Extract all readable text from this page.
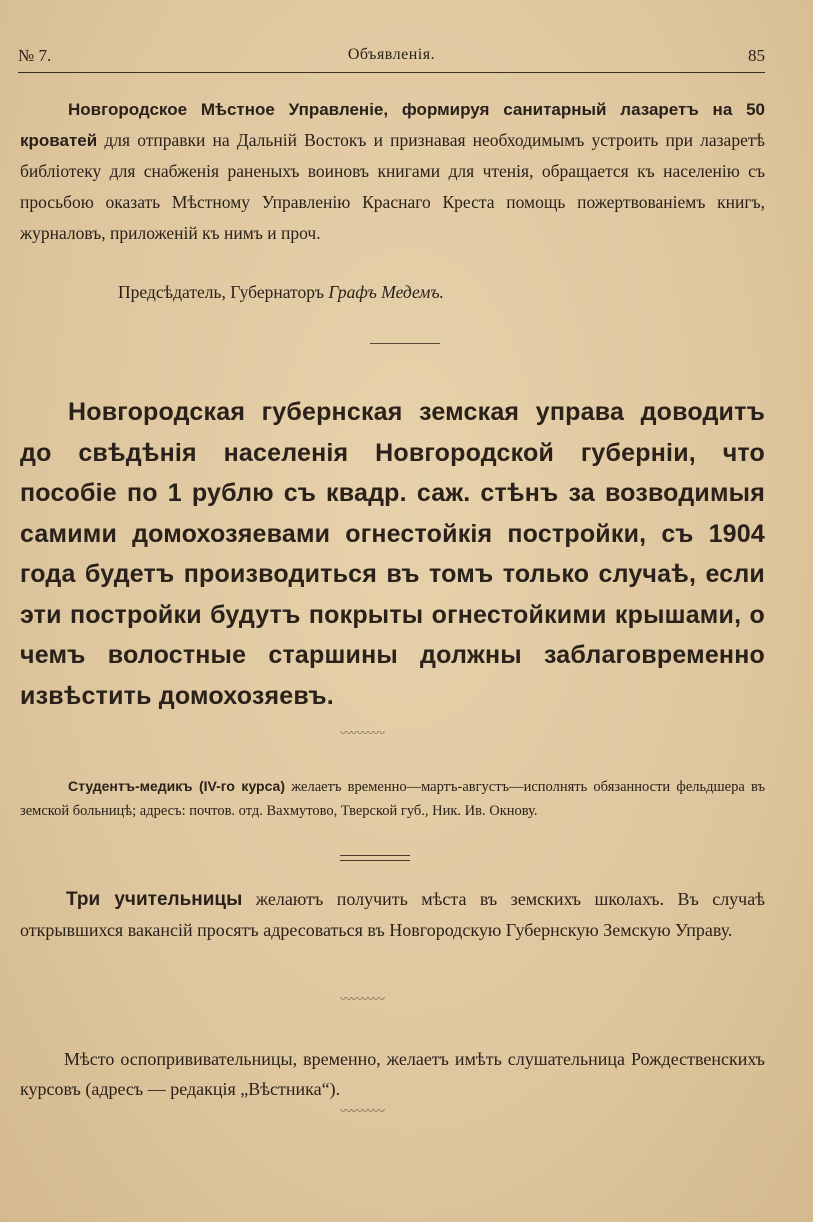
№ 7.	Объявленія.	85
Новгородское Мѣстное Управленіе, формируя санитарный лазаретъ на 50 кроватей для отправки на Дальній Востокъ и признавая необходимымъ устроить при лазаретѣ библіотеку для снабженія раненыхъ воиновъ книгами для чтенія, обращается къ населенію съ просьбою оказать Мѣстному Управленію Краснаго Креста помощь пожертвованіемъ книгъ, журналовъ, приложеній къ нимъ и проч.
Предсѣдатель, Губернаторъ Графъ Медемъ.
Новгородская губернская земская управа доводитъ до свѣдѣнія населенія Новгородской губерніи, что пособіе по 1 рублю съ квадр. саж. стѣнъ за возводимыя самими домохозяевами огнестойкія постройки, съ 1904 года будетъ производиться въ томъ только случаѣ, если эти постройки будутъ покрыты огнестойкими крышами, о чемъ волостные старшины должны заблаговременно извѣстить домохозяевъ.
〰〰〰〰
Студентъ-медикъ (IV-го курса) желаетъ временно—мартъ-августъ—исполнять обязанности фельдшера въ земской больницѣ; адресъ: почтов. отд. Вахмутово, Тверской губ., Ник. Ив. Окнову.
Три учительницы желаютъ получить мѣста въ земскихъ школахъ. Въ случаѣ открывшихся вакансій просятъ адресоваться въ Новгородскую Губернскую Земскую Управу.
〰〰〰〰
Мѣсто оспопрививательницы, временно, желаетъ имѣть слушательница Рождественскихъ курсовъ (адресъ — редакція „Вѣстника“).
〰〰〰〰
